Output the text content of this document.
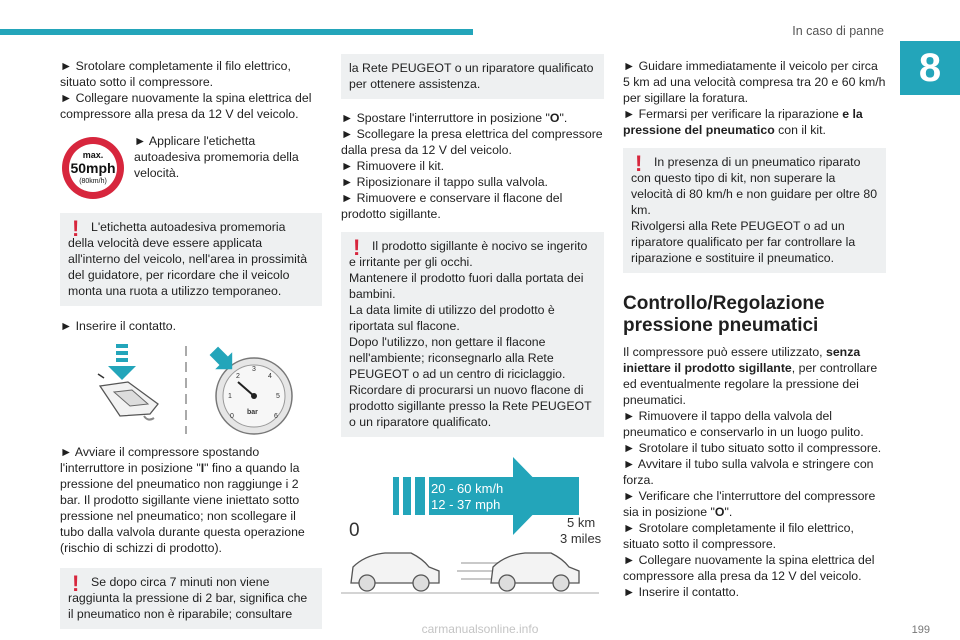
In caso di panne
8

► Srotolare completamente il filo elettrico, situato sotto il compressore.

► Collegare nuovamente la spina elettrica del compressore alla presa da 12 V del veicolo.

max.
50mph
(80km/h)

► Applicare l'etichetta autoadesiva promemoria della velocità.

! L'etichetta autoadesiva promemoria della velocità deve essere applicata all'interno del veicolo, nell'area in prossimità del guidatore, per ricordare che il veicolo monta una ruota a utilizzo temporaneo.

► Inserire il contatto.

0
1
2
3
4
5
6
bar

► Avviare il compressore spostando l'interruttore in posizione "I" fino a quando la pressione del pneumatico non raggiunge i 2 bar. Il prodotto sigillante viene iniettato sotto pressione nel pneumatico; non scollegare il tubo dalla valvola durante questa operazione (rischio di schizzi di prodotto).

! Se dopo circa 7 minuti non viene raggiunta la pressione di 2 bar, significa che il pneumatico non è riparabile; consultare

la Rete PEUGEOT o un riparatore qualificato per ottenere assistenza.

► Spostare l'interruttore in posizione "O".

► Scollegare la presa elettrica del compressore dalla presa da 12 V del veicolo.

► Rimuovere il kit.

► Riposizionare il tappo sulla valvola.

► Rimuovere e conservare il flacone del prodotto sigillante.

! Il prodotto sigillante è nocivo se ingerito e irritante per gli occhi.

Mantenere il prodotto fuori dalla portata dei bambini.

La data limite di utilizzo del prodotto è riportata sul flacone.

Dopo l'utilizzo, non gettare il flacone nell'ambiente; riconsegnarlo alla Rete PEUGEOT o ad un centro di riciclaggio.

Ricordare di procurarsi un nuovo flacone di prodotto sigillante presso la Rete PEUGEOT o un riparatore qualificato.

20 - 60 km/h
12 - 37 mph
0	5 km
3 miles

► Guidare immediatamente il veicolo per circa 5 km ad una velocità compresa tra 20 e 60 km/h per sigillare la foratura.

► Fermarsi per verificare la riparazione e la pressione del pneumatico con il kit.

! In presenza di un pneumatico riparato con questo tipo di kit, non superare la velocità di 80 km/h e non guidare per oltre 80 km.

Rivolgersi alla Rete PEUGEOT o ad un riparatore qualificato per far controllare la riparazione e sostituire il pneumatico.

Controllo/Regolazione pressione pneumatici

Il compressore può essere utilizzato, senza iniettare il prodotto sigillante, per controllare ed eventualmente regolare la pressione dei pneumatici.

► Rimuovere il tappo della valvola del pneumatico e conservarlo in un luogo pulito.

► Srotolare il tubo situato sotto il compressore.

► Avvitare il tubo sulla valvola e stringere con forza.

► Verificare che l'interruttore del compressore sia in posizione "O".

► Srotolare completamente il filo elettrico, situato sotto il compressore.

► Collegare nuovamente la spina elettrica del compressore alla presa da 12 V del veicolo.

► Inserire il contatto.

carmanualsonline.info	199
